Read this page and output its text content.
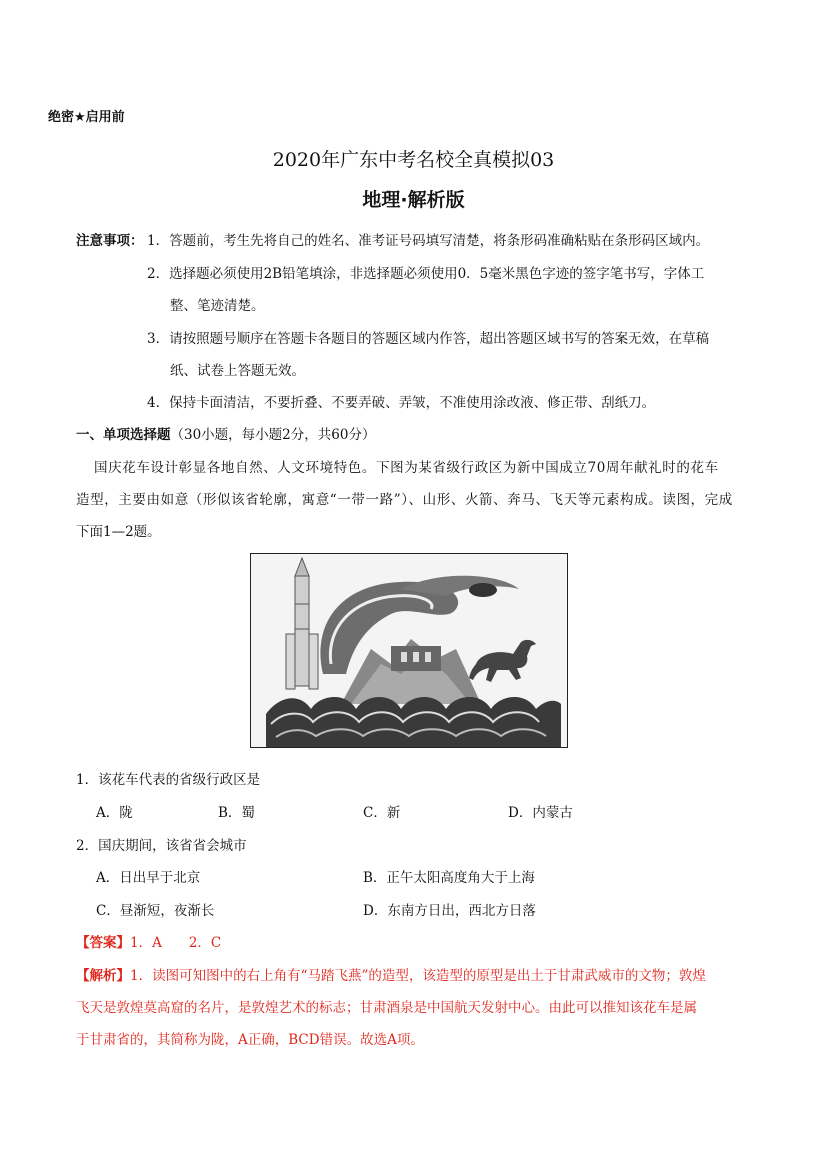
绝密★启用前
2020年广东中考名校全真模拟03
地理·解析版
注意事项： 1．答题前，考生先将自己的姓名、准考证号码填写清楚，将条形码准确粘贴在条形码区域内。
2．选择题必须使用2B铅笔填涂，非选择题必须使用0．5毫米黑色字迹的签字笔书写，字体工
整、笔迹清楚。
3．请按照题号顺序在答题卡各题目的答题区域内作答，超出答题区域书写的答案无效，在草稿
纸、试卷上答题无效。
4．保持卡面清洁，不要折叠、不要弄破、弄皱，不准使用涂改液、修正带、刮纸刀。
一、单项选择题（30小题，每小题2分，共60分）
国庆花车设计彰显各地自然、人文环境特色。下图为某省级行政区为新中国成立70周年献礼时的花车
造型，主要由如意（形似该省轮廓，寓意“一带一路”）、山形、火箭、奔马、飞天等元素构成。读图，完成
下面1—2题。
1．该花车代表的省级行政区是
A．陇	B．蜀	C．新	D．内蒙古
2．国庆期间，该省省会城市
A．日出早于北京	B．正午太阳高度角大于上海
C．昼渐短，夜渐长	D．东南方日出，西北方日落
【答案】1．A　　2．C
【解析】1．读图可知图中的右上角有“马踏飞燕”的造型，该造型的原型是出土于甘肃武威市的文物；敦煌
飞天是敦煌莫高窟的名片，是敦煌艺术的标志；甘肃酒泉是中国航天发射中心。由此可以推知该花车是属
于甘肃省的，其简称为陇，A正确，BCD错误。故选A项。
